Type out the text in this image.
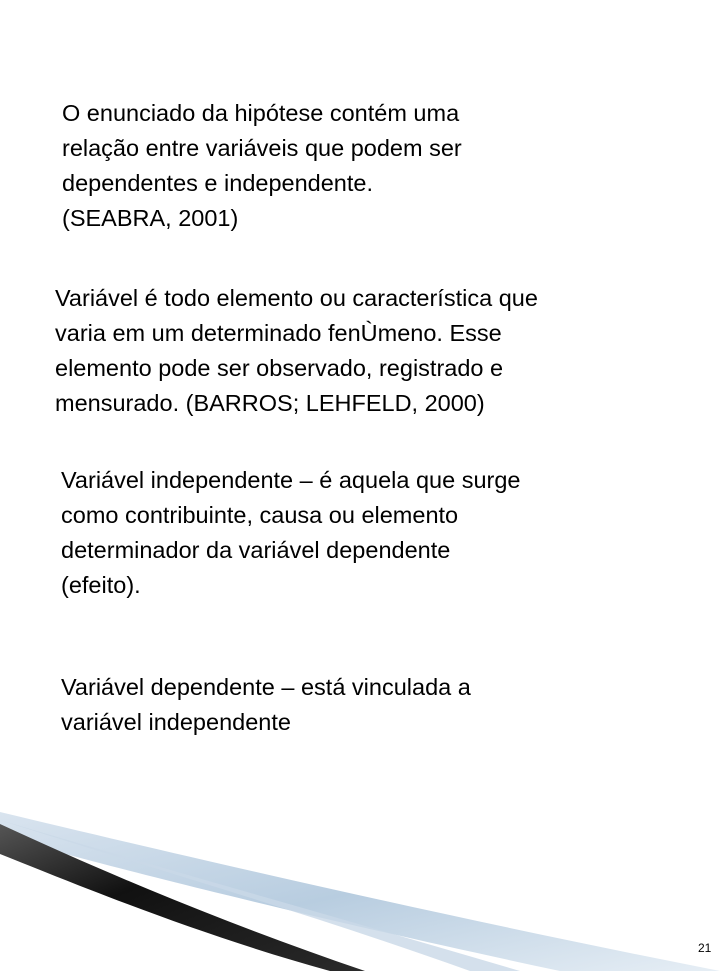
O enunciado da hipótese contém uma
relação entre variáveis que podem ser
dependentes e independente.
(SEABRA, 2001)

Variável é todo elemento ou característica que
varia em um determinado fenÙmeno. Esse
elemento pode ser observado, registrado e
mensurado. (BARROS; LEHFELD, 2000)

Variável independente – é aquela que surge
como contribuinte, causa ou elemento
determinador da variável dependente
(efeito).

Variável dependente – está vinculada a
variável independente

21
